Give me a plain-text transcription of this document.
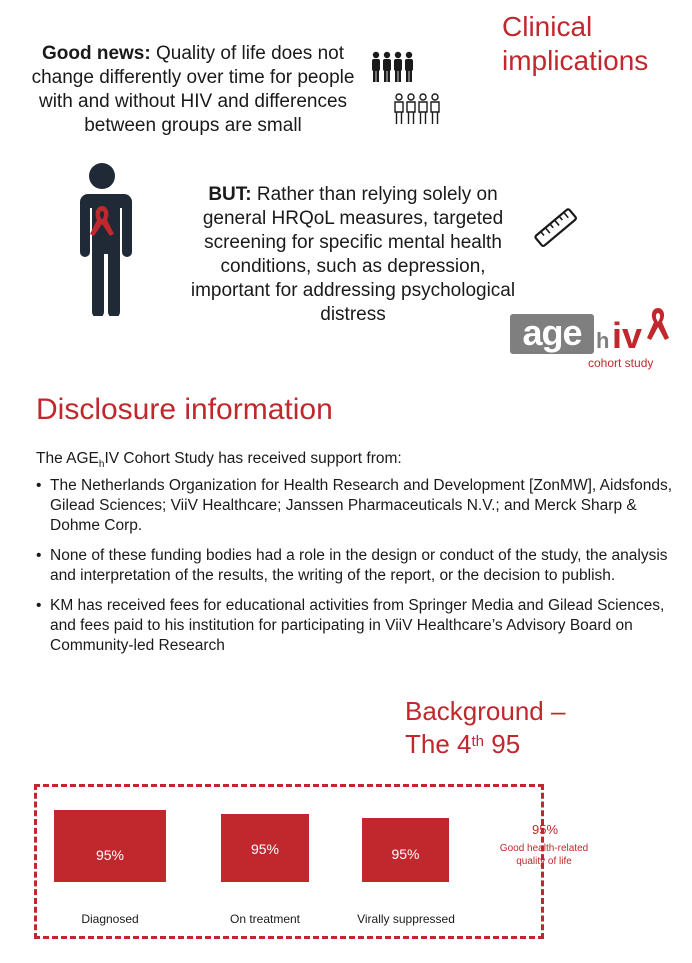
Clinical
implications
Good news: Quality of life does not change differently over time for people with and without HIV and differences between groups are small
BUT: Rather than relying solely on general HRQoL measures, targeted screening for specific mental health conditions, such as depression, important for addressing psychological distress	age h iv
cohort study
Disclosure information
The $AGE_hIV$ Cohort Study has received support from:
• The Netherlands Organization for Health Research and Development [ZonMW], Aidsfonds, Gilead Sciences; ViiV Healthcare; Janssen Pharmaceuticals N.V.; and Merck Sharp & Dohme Corp.
• None of these funding bodies had a role in the design or conduct of the study, the analysis and interpretation of the results, the writing of the report, or the decision to publish.
• KM has received fees for educational activities from Springer Media and Gilead Sciences, and fees paid to his institution for participating in ViiV Healthcare’s Advisory Board on Community-led Research
Background –
The 4th 95
95%	95%	95%
Diagnosed	On treatment	Virally suppressed
95%
Good health-related quality of life
